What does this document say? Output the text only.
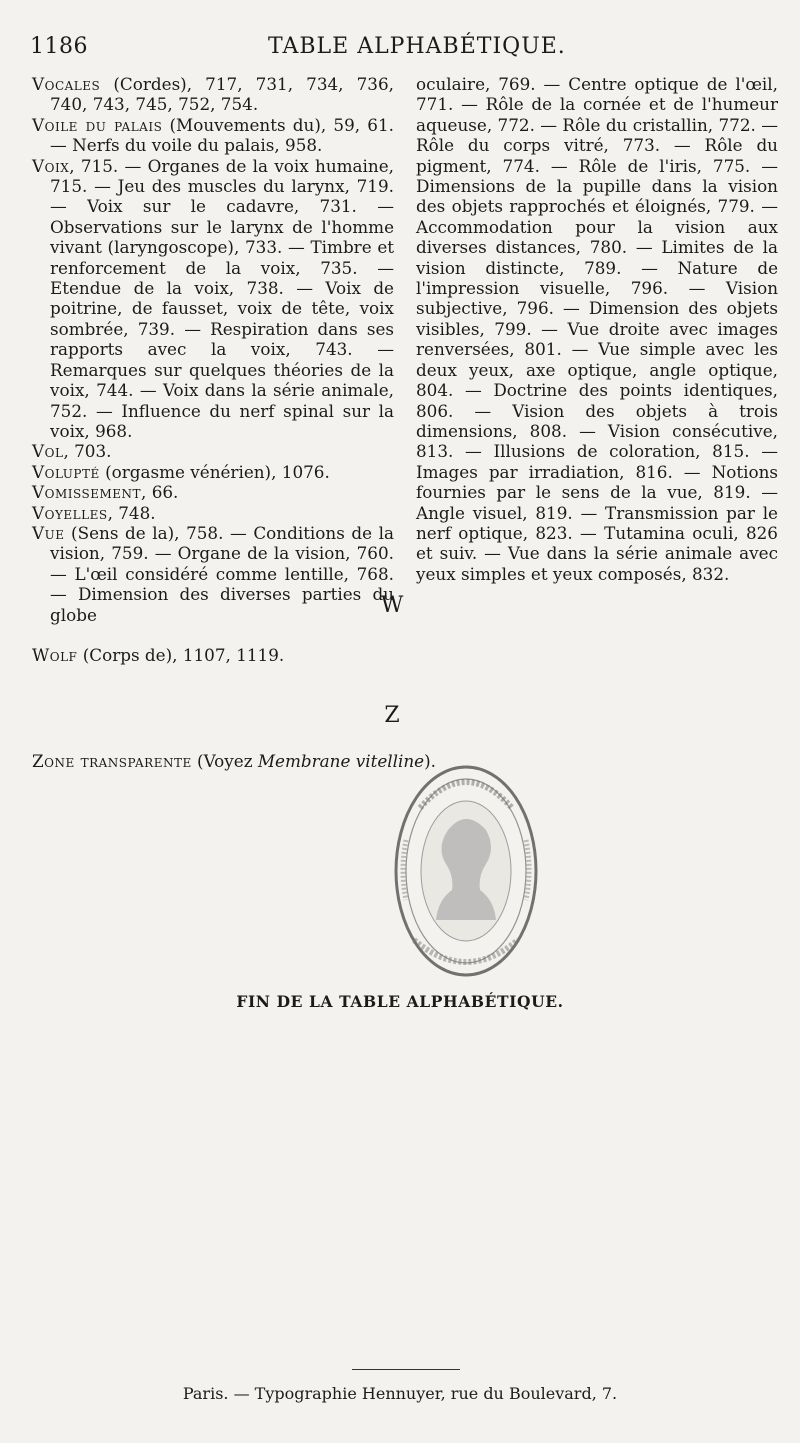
1186	TABLE ALPHABÉTIQUE.

Vocales (Cordes), 717, 731, 734, 736, 740, 743, 745, 752, 754.

Voile du palais (Mouvements du), 59, 61. — Nerfs du voile du palais, 958.

Voix, 715. — Organes de la voix humaine, 715. — Jeu des muscles du larynx, 719. — Voix sur le cadavre, 731. — Observations sur le larynx de l'homme vivant (laryngoscope), 733. — Timbre et renforcement de la voix, 735. — Etendue de la voix, 738. — Voix de poitrine, de fausset, voix de tête, voix sombrée, 739. — Respiration dans ses rapports avec la voix, 743. — Remarques sur quelques théories de la voix, 744. — Voix dans la série animale, 752. — Influence du nerf spinal sur la voix, 968.

Vol, 703.

Volupté (orgasme vénérien), 1076.

Vomissement, 66.

Voyelles, 748.

Vue (Sens de la), 758. — Conditions de la vision, 759. — Organe de la vision, 760. — L'œil considéré comme lentille, 768. — Dimension des diverses parties du globe

oculaire, 769. — Centre optique de l'œil, 771. — Rôle de la cornée et de l'humeur aqueuse, 772. — Rôle du cristallin, 772. — Rôle du corps vitré, 773. — Rôle du pigment, 774. — Rôle de l'iris, 775. — Dimensions de la pupille dans la vision des objets rapprochés et éloignés, 779. — Accommodation pour la vision aux diverses distances, 780. — Limites de la vision distincte, 789. — Nature de l'impression visuelle, 796. — Vision subjective, 796. — Dimension des objets visibles, 799. — Vue droite avec images renversées, 801. — Vue simple avec les deux yeux, axe optique, angle optique, 804. — Doctrine des points identiques, 806. — Vision des objets à trois dimensions, 808. — Vision consécutive, 813. — Illusions de coloration, 815. — Images par irradiation, 816. — Notions fournies par le sens de la vue, 819. — Angle visuel, 819. — Transmission par le nerf optique, 823. — Tutamina oculi, 826 et suiv. — Vue dans la série animale avec yeux simples et yeux composés, 832.

W
Wolf (Corps de), 1107, 1119.
Z
Zone transparente (Voyez Membrane vitelline).
FIN DE LA TABLE ALPHABÉTIQUE.
Paris. — Typographie Hennuyer, rue du Boulevard, 7.
